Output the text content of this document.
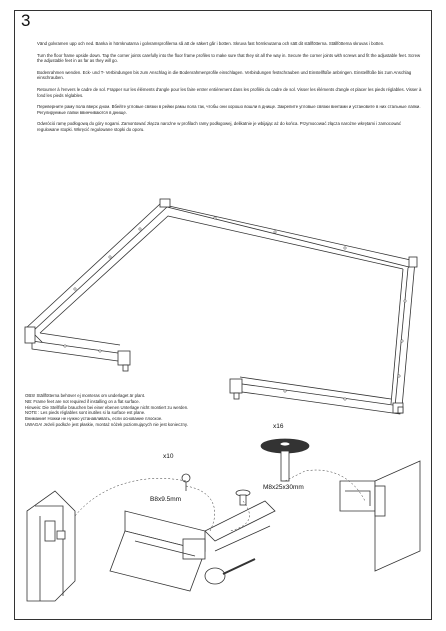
3

Vänd golvramen upp och ned. Banka in hörnknutarna i golvramsprofilerna så att de säkert går i botten. Skruva fast hörnknutarna och sätt dit ställfötterna. Ställfötterna skruvas i botten.

Turn the floor frame upside down. Tap the corner joints carefully into the floor frame profiles to make sure that they sit all the way in. Secure the corner joints with screws and fit the adjustable feet. Screw the adjustable feet in as far as they will go.

Bodenrahmen wenden. Eck- und T- Verbindungen bis zum Anschlag in die Bodenrahmenprofile einschlagen. Verbindungen festschrauben und Einstellfüße anbringen. Einstellfüße bis zum Anschlag einschrauben.

Retourner à l'envers le cadre de sol. Frapper sur les éléments d'angle pour les faire entrer entièrement dans les profilés du cadre de sol. Visser les éléments d'angle et placer les pieds réglables. Visser à fond les pieds réglables.

Переверните раму пола вверх дном. Вбейте угловые связки в рейки рамы пола так, чтобы они хорошо вошли в днище. Закрепите угловые связки винтами и установите в них стальные лапки. Регулируемые лапки ввинчиваются в днище.

Odwróció ramę podłogową do góry nogami. Zamontować złącza narożne w profilach ramy podłogowej, delikatnie je wbijając aż do końca. Przymocować złącza narożne wkrętami i zamocować regulowane stopki. Wkręcić regulowane stopki do oporu.

OBS! Ställfötterna behöver ej monteras om underlaget är plant.
NB: Frame feet are not required if installing on a flat surface.
Hinweis: Die Stellfüße brauchen bei einer ebenen Unterlage nicht montiert zu werden.
NOTE : Les pieds réglables sont inutiles si la surface est plane.
Внимание! Ножки не нужно устанавливать, если основание плоское.
UWAGA! Jeżeli podłoże jest płaskie, montaż nóżek poziomujących nie jest konieczny.
x10
B8x9.5mm
x16
M8x25x30mm
